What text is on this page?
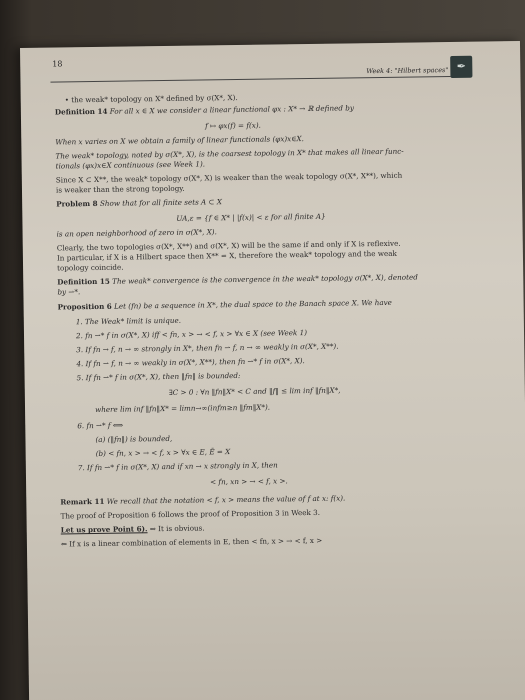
18
Week 4: "Hilbert spaces" ✒
• the weak* topology on X* defined by σ(X*, X).
Definition 14 For all x ∈ X we consider a linear functional φx : X* → ℝ defined by
f ↦ φx(f) = f(x).
When x varies on X we obtain a family of linear functionals (φx)x∈X.
The weak* topology, noted by σ(X*, X), is the coarsest topology in X* that makes all linear func-
tionals (φx)x∈X continuous (see Week 1).
Since X ⊂ X**, the weak* topology σ(X*, X) is weaker than the weak topology σ(X*, X**), which
is weaker than the strong topology.
Problem 8 Show that for all finite sets A ⊂ X
UA,ε = {f ∈ X* | |f(x)| < ε for all finite A}
is an open neighborhood of zero in σ(X*, X).
Clearly, the two topologies σ(X*, X**) and σ(X*, X) will be the same if and only if X is reflexive.
In particular, if X is a Hilbert space then X** = X, therefore the weak* topology and the weak
topology coincide.
Definition 15 The weak* convergence is the convergence in the weak* topology σ(X*, X), denoted
by ⇀*.
Proposition 6 Let (fn) be a sequence in X*, the dual space to the Banach space X. We have
1. The Weak* limit is unique.
2. fn ⇀* f in σ(X*, X) iff < fn, x > → < f, x > ∀x ∈ X (see Week 1)
3. If fn → f, n → ∞ strongly in X*, then fn ⇀ f, n → ∞ weakly in σ(X*, X**).
4. If fn ⇀ f, n → ∞ weakly in σ(X*, X**), then fn ⇀* f in σ(X*, X).
5. If fn ⇀* f in σ(X*, X), then ‖fn‖ is bounded:
∃C > 0 : ∀n ‖fn‖X* < C and ‖f‖ ≤ lim inf ‖fn‖X*,
where lim inf ‖fn‖X* = limn→∞(infm≥n ‖fm‖X*).
6. fn ⇀* f ⟺
(a) (‖fn‖) is bounded,
(b) < fn, x > → < f, x > ∀x ∈ E, Ē = X
7. If fn ⇀* f in σ(X*, X) and if xn → x strongly in X, then
< fn, xn > → < f, x >.
Remark 11 We recall that the notation < f, x > means the value of f at x: f(x).
The proof of Proposition 6 follows the proof of Proposition 3 in Week 3.
Let us prove Point 6). ⇒ It is obvious.
⇐ If x is a linear combination of elements in E, then < fn, x > → < f, x >
